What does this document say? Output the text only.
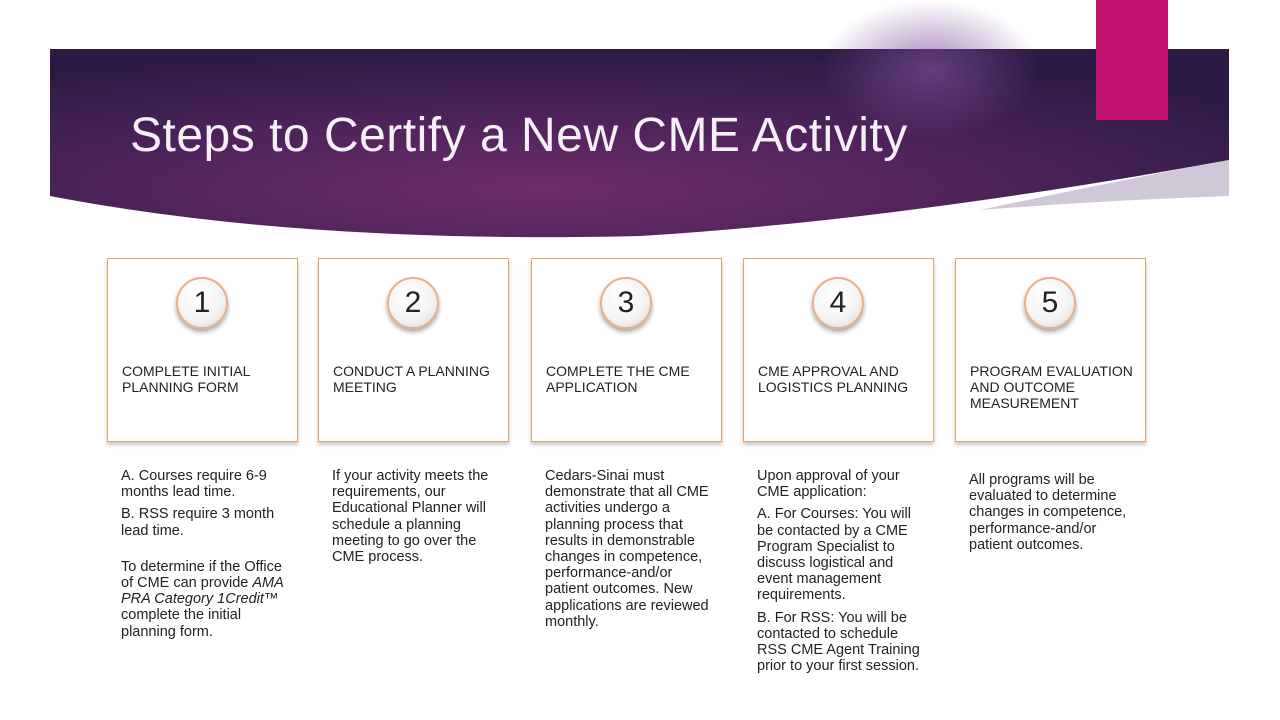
Steps to Certify a New CME Activity
1
COMPLETE INITIAL PLANNING FORM
2
CONDUCT A PLANNING MEETING
3
COMPLETE THE CME APPLICATION
4
CME APPROVAL AND LOGISTICS PLANNING
5
PROGRAM EVALUATION AND OUTCOME MEASUREMENT

A. Courses require 6-9 months lead time.

B. RSS require 3 month lead time.

To determine if the Office of CME can provide AMA PRA Category 1Credit™ complete the initial planning form.

If your activity meets the requirements, our Educational Planner will schedule a planning meeting to go over the CME process.

Cedars-Sinai must demonstrate that all CME activities undergo a planning process that results in demonstrable changes in competence, performance-and/or patient outcomes. New applications are reviewed monthly.

Upon approval of your CME application:

A. For Courses: You will be contacted by a CME Program Specialist to discuss logistical and event management requirements.

B. For RSS: You will be contacted to schedule RSS CME Agent Training prior to your first session.

All programs will be evaluated to determine changes in competence, performance-and/or patient outcomes.
